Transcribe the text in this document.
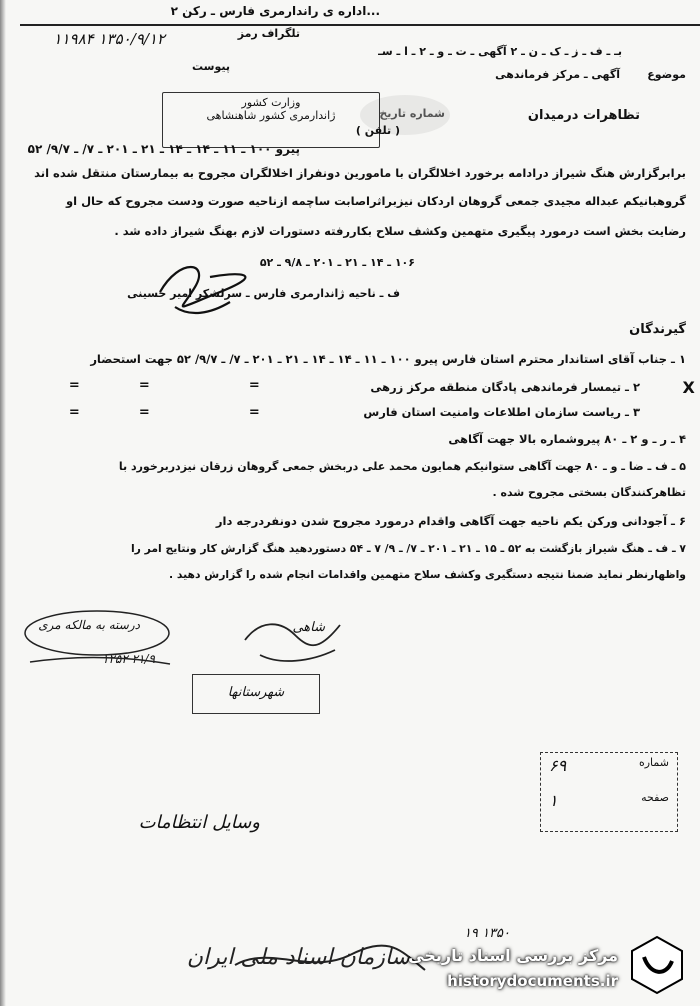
...اداره ی راندارمری فارس ـ رکن ۲
تلگراف رمز
۱۳۵۰/۹/۱۲ ۱۱۹۸۴
بـ ـ ف ـ ز ـ ک ـ ن ـ ۲ آگهی ـ ت ـ و ـ ۲ ـ ا ـ سـ
پیوست
آگهی ـ مرکز فرماندهی موضوع
وزارت کشور
ژاندارمری کشور شاهنشاهی	شماره تاریخ
( تلفن )
تظاهرات درمیدان
پیرو ۱۰۰ ـ ۱۱ ـ ۱۴ ـ ۱۴ ـ ۲۱ ـ ۲۰۱ ـ ۷/ ـ ۹/۷/ ۵۲
برابرگزارش هنگ شیراز درادامه برخورد اخلالگران با مامورین دونفراز اخلالگران مجروح به بیمارستان منتقل شده اند
گروهبانیکم عبداله مجیدی جمعی گروهان اردکان نیزبراثراصابت ساچمه ازناحیه صورت ودست مجروح که حال او
رضایت بخش است درمورد پیگیری متهمین وکشف سلاح بکاررفته دستورات لازم بهنگ شیراز داده شد .
۱۰۶ ـ ۱۴ ـ ۲۱ ـ ۲۰۱ ـ ۹/۸ ـ ۵۲
ف ـ ناحیه ژاندارمری فارس ـ سرلشکر امیر حسینی
گیرندگان
۱ ـ جناب آقای استاندار محترم استان فارس پیرو ۱۰۰ ـ ۱۱ ـ ۱۴ ـ ۱۴ ـ ۲۱ ـ ۲۰۱ ـ ۷/ ـ ۹/۷/ ۵۲ جهت استحضار
۲ ـ تیمسار فرماندهی پادگان منطقه مرکز زرهی	X
۳ ـ ریاست سازمان اطلاعات وامنیت استان فارس
=
=	=
=
=	=
۴ ـ ر ـ و ۲ ـ ۸۰ پیروشماره بالا جهت آگاهی
۵ ـ ف ـ ضا ـ و ـ ۸۰ جهت آگاهی ستوانیکم همایون محمد علی دربخش جمعی گروهان زرقان نیزدربرخورد با
تظاهرکنندگان بسختی مجروح شده .
۶ ـ آجودانی ورکن یکم ناحیه جهت آگاهی واقدام درمورد مجروح شدن دونفردرجه دار
۷ ـ ف ـ هنگ شیراز بازگشت به ۵۲ ـ ۱۵ ـ ۲۱ ـ ۲۰۱ ـ ۷/ ـ ۹/ ۷ ـ ۵۴ دستوردهید هنگ گزارش کار ونتایج امر را
واظهارنظر نماید ضمنا نتیجه دستگیری وکشف سلاح متهمین واقدامات انجام شده را گزارش دهید .
درسته به مالکه مری
۲۱/۹ ۱۲۵۲
شاهی
شهرستانها
شماره
۶۹
صفحه
۱
وسایل انتظامات
سازمان اسناد ملی ایران
۱۳۵۰ ۱۹
مرکز بررسی اسناد تاریخی
historydocuments.ir
